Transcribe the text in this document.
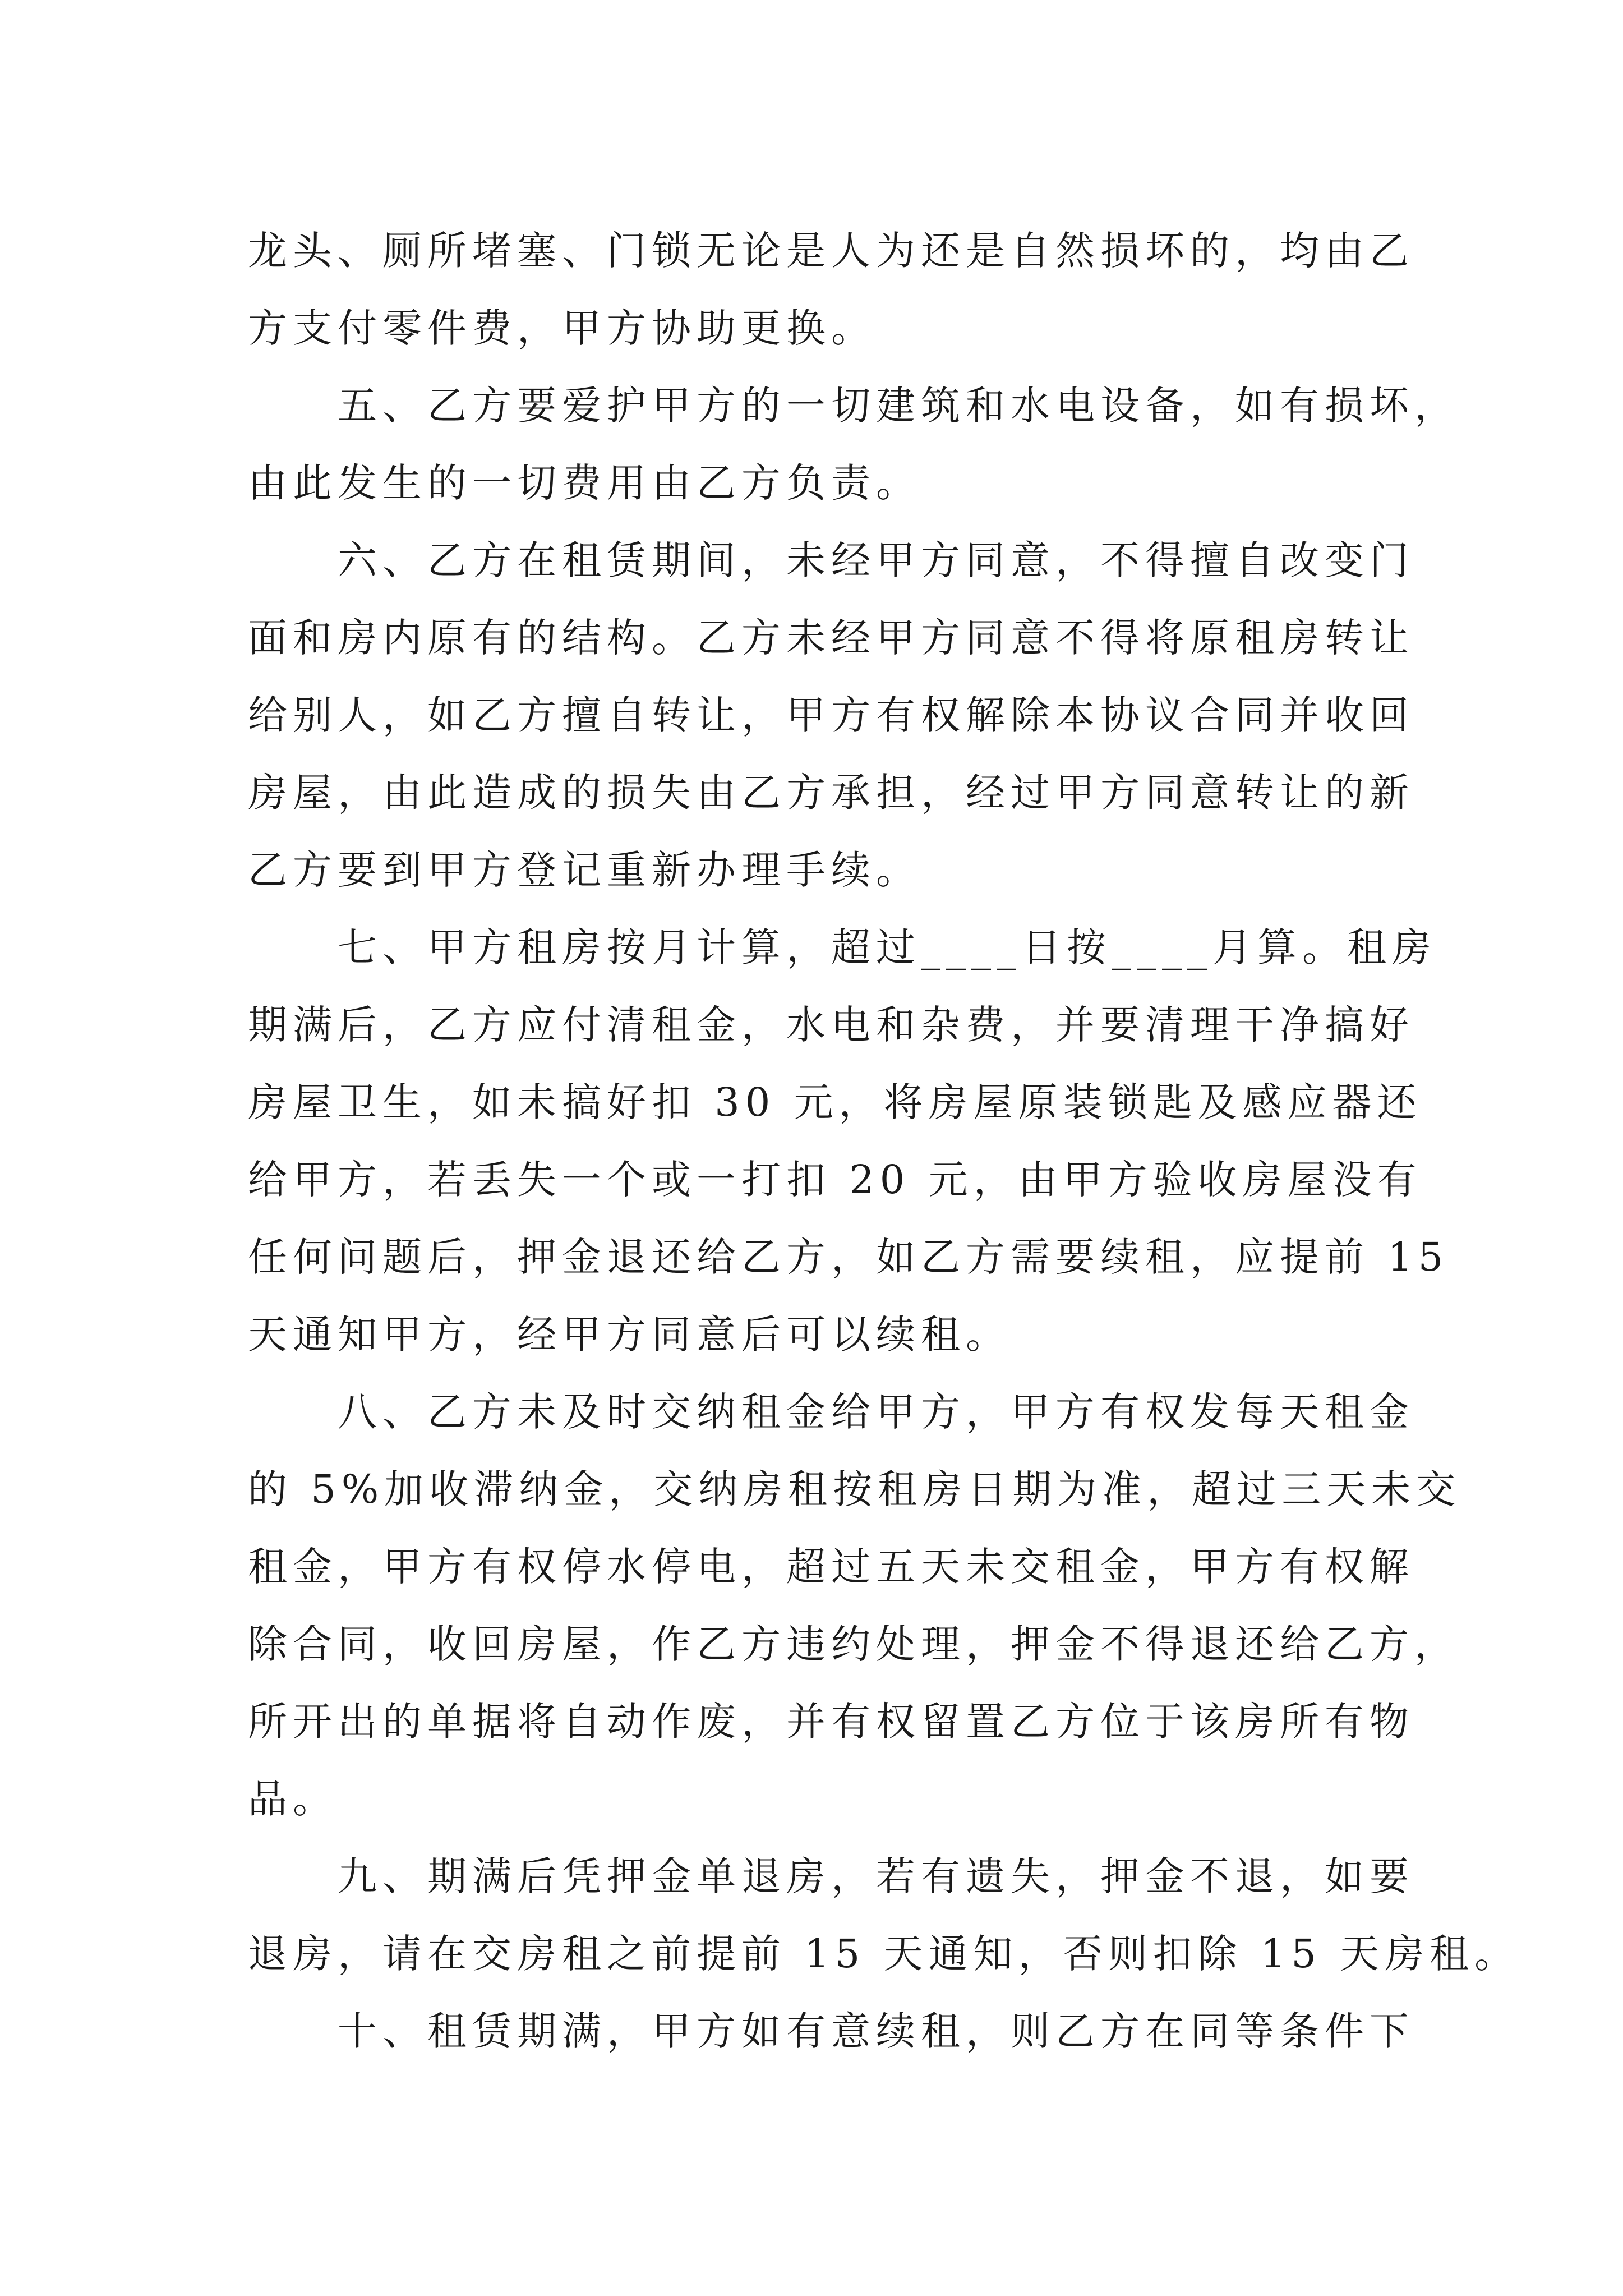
龙头、厕所堵塞、门锁无论是人为还是自然损坏的，均由乙
方支付零件费，甲方协助更换。
　　五、乙方要爱护甲方的一切建筑和水电设备，如有损坏，
由此发生的一切费用由乙方负责。
　　六、乙方在租赁期间，未经甲方同意，不得擅自改变门
面和房内原有的结构。乙方未经甲方同意不得将原租房转让
给别人，如乙方擅自转让，甲方有权解除本协议合同并收回
房屋，由此造成的损失由乙方承担，经过甲方同意转让的新
乙方要到甲方登记重新办理手续。
　　七、甲方租房按月计算，超过____日按____月算。租房
期满后，乙方应付清租金，水电和杂费，并要清理干净搞好
房屋卫生，如未搞好扣 30 元，将房屋原装锁匙及感应器还
给甲方，若丢失一个或一打扣 20 元，由甲方验收房屋没有
任何问题后，押金退还给乙方，如乙方需要续租，应提前 15
天通知甲方，经甲方同意后可以续租。
　　八、乙方未及时交纳租金给甲方，甲方有权发每天租金
的 5%加收滞纳金，交纳房租按租房日期为准，超过三天未交
租金，甲方有权停水停电，超过五天未交租金，甲方有权解
除合同，收回房屋，作乙方违约处理，押金不得退还给乙方，
所开出的单据将自动作废，并有权留置乙方位于该房所有物
品。
　　九、期满后凭押金单退房，若有遗失，押金不退，如要
退房，请在交房租之前提前 15 天通知，否则扣除 15 天房租。
　　十、租赁期满，甲方如有意续租，则乙方在同等条件下
